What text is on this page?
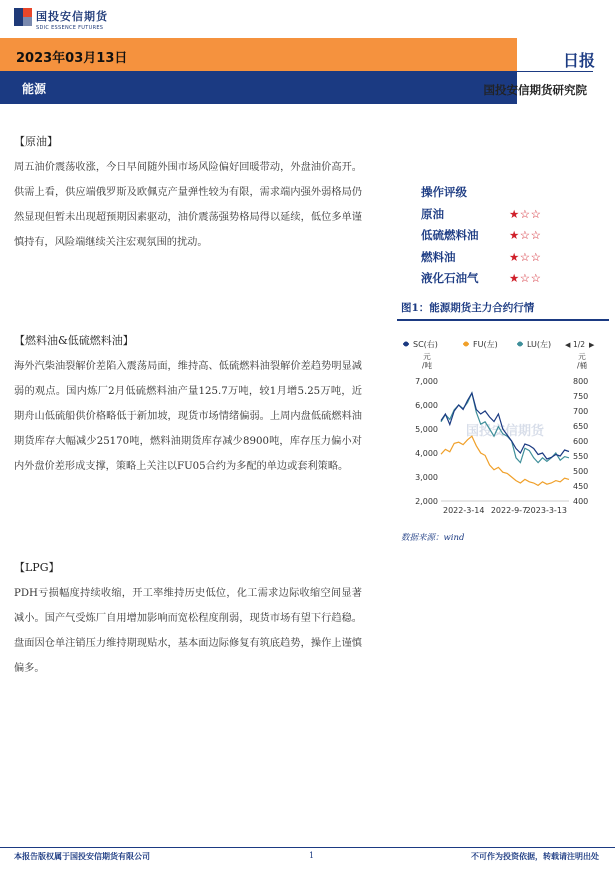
国投安信期货
SDIC ESSENCE FUTURES
2023年03月13日
能源
日报
国投安信期货研究院

【原油】

周五油价震荡收涨，今日早间随外围市场风险偏好回暖带动，外盘油价高开。供需上看，供应端俄罗斯及欧佩克产量弹性较为有限，需求端内强外弱格局仍然显现但暂未出现超预期因素驱动，油价震荡强势格局得以延续，低位多单谨慎持有，风险端继续关注宏观氛围的扰动。

【燃料油&低硫燃料油】

海外汽柴油裂解价差陷入震荡局面，维持高、低硫燃料油裂解价差趋势明显减弱的观点。国内炼厂2月低硫燃料油产量125.7万吨，较1月增5.25万吨，近期舟山低硫船供价格略低于新加坡，现货市场情绪偏弱。上周内盘低硫燃料油期货库存大幅减少25170吨，燃料油期货库存减少8900吨，库存压力偏小对内外盘价差形成支撑，策略上关注以FU05合约为多配的单边或套利策略。

【LPG】

PDH亏损幅度持续收缩，开工率维持历史低位，化工需求边际收缩空间显著减小。国产气受炼厂自用增加影响而宽松程度削弱，现货市场有望下行趋稳。盘面因仓单注销压力维持期现贴水，基本面边际修复有筑底趋势，操作上谨慎偏多。

操作评级
原油	★☆☆
低硫燃料油	★☆☆
燃料油	★☆☆
液化石油气	★☆☆
图1：能源期货主力合约行情
SC(右)	FU(左)	LU(左) ◀ 1/2 ▶
元
/吨
元
/桶
7,000
6,000
5,000
4,000
3,000
2,000
800
750
700
650
600
550
500
450
400
2022-3-14 2022-9-7
2023-3-13
国投安信期货
数据来源：wind
本报告版权属于国投安信期货有限公司	1	不可作为投资依据，转载请注明出处
